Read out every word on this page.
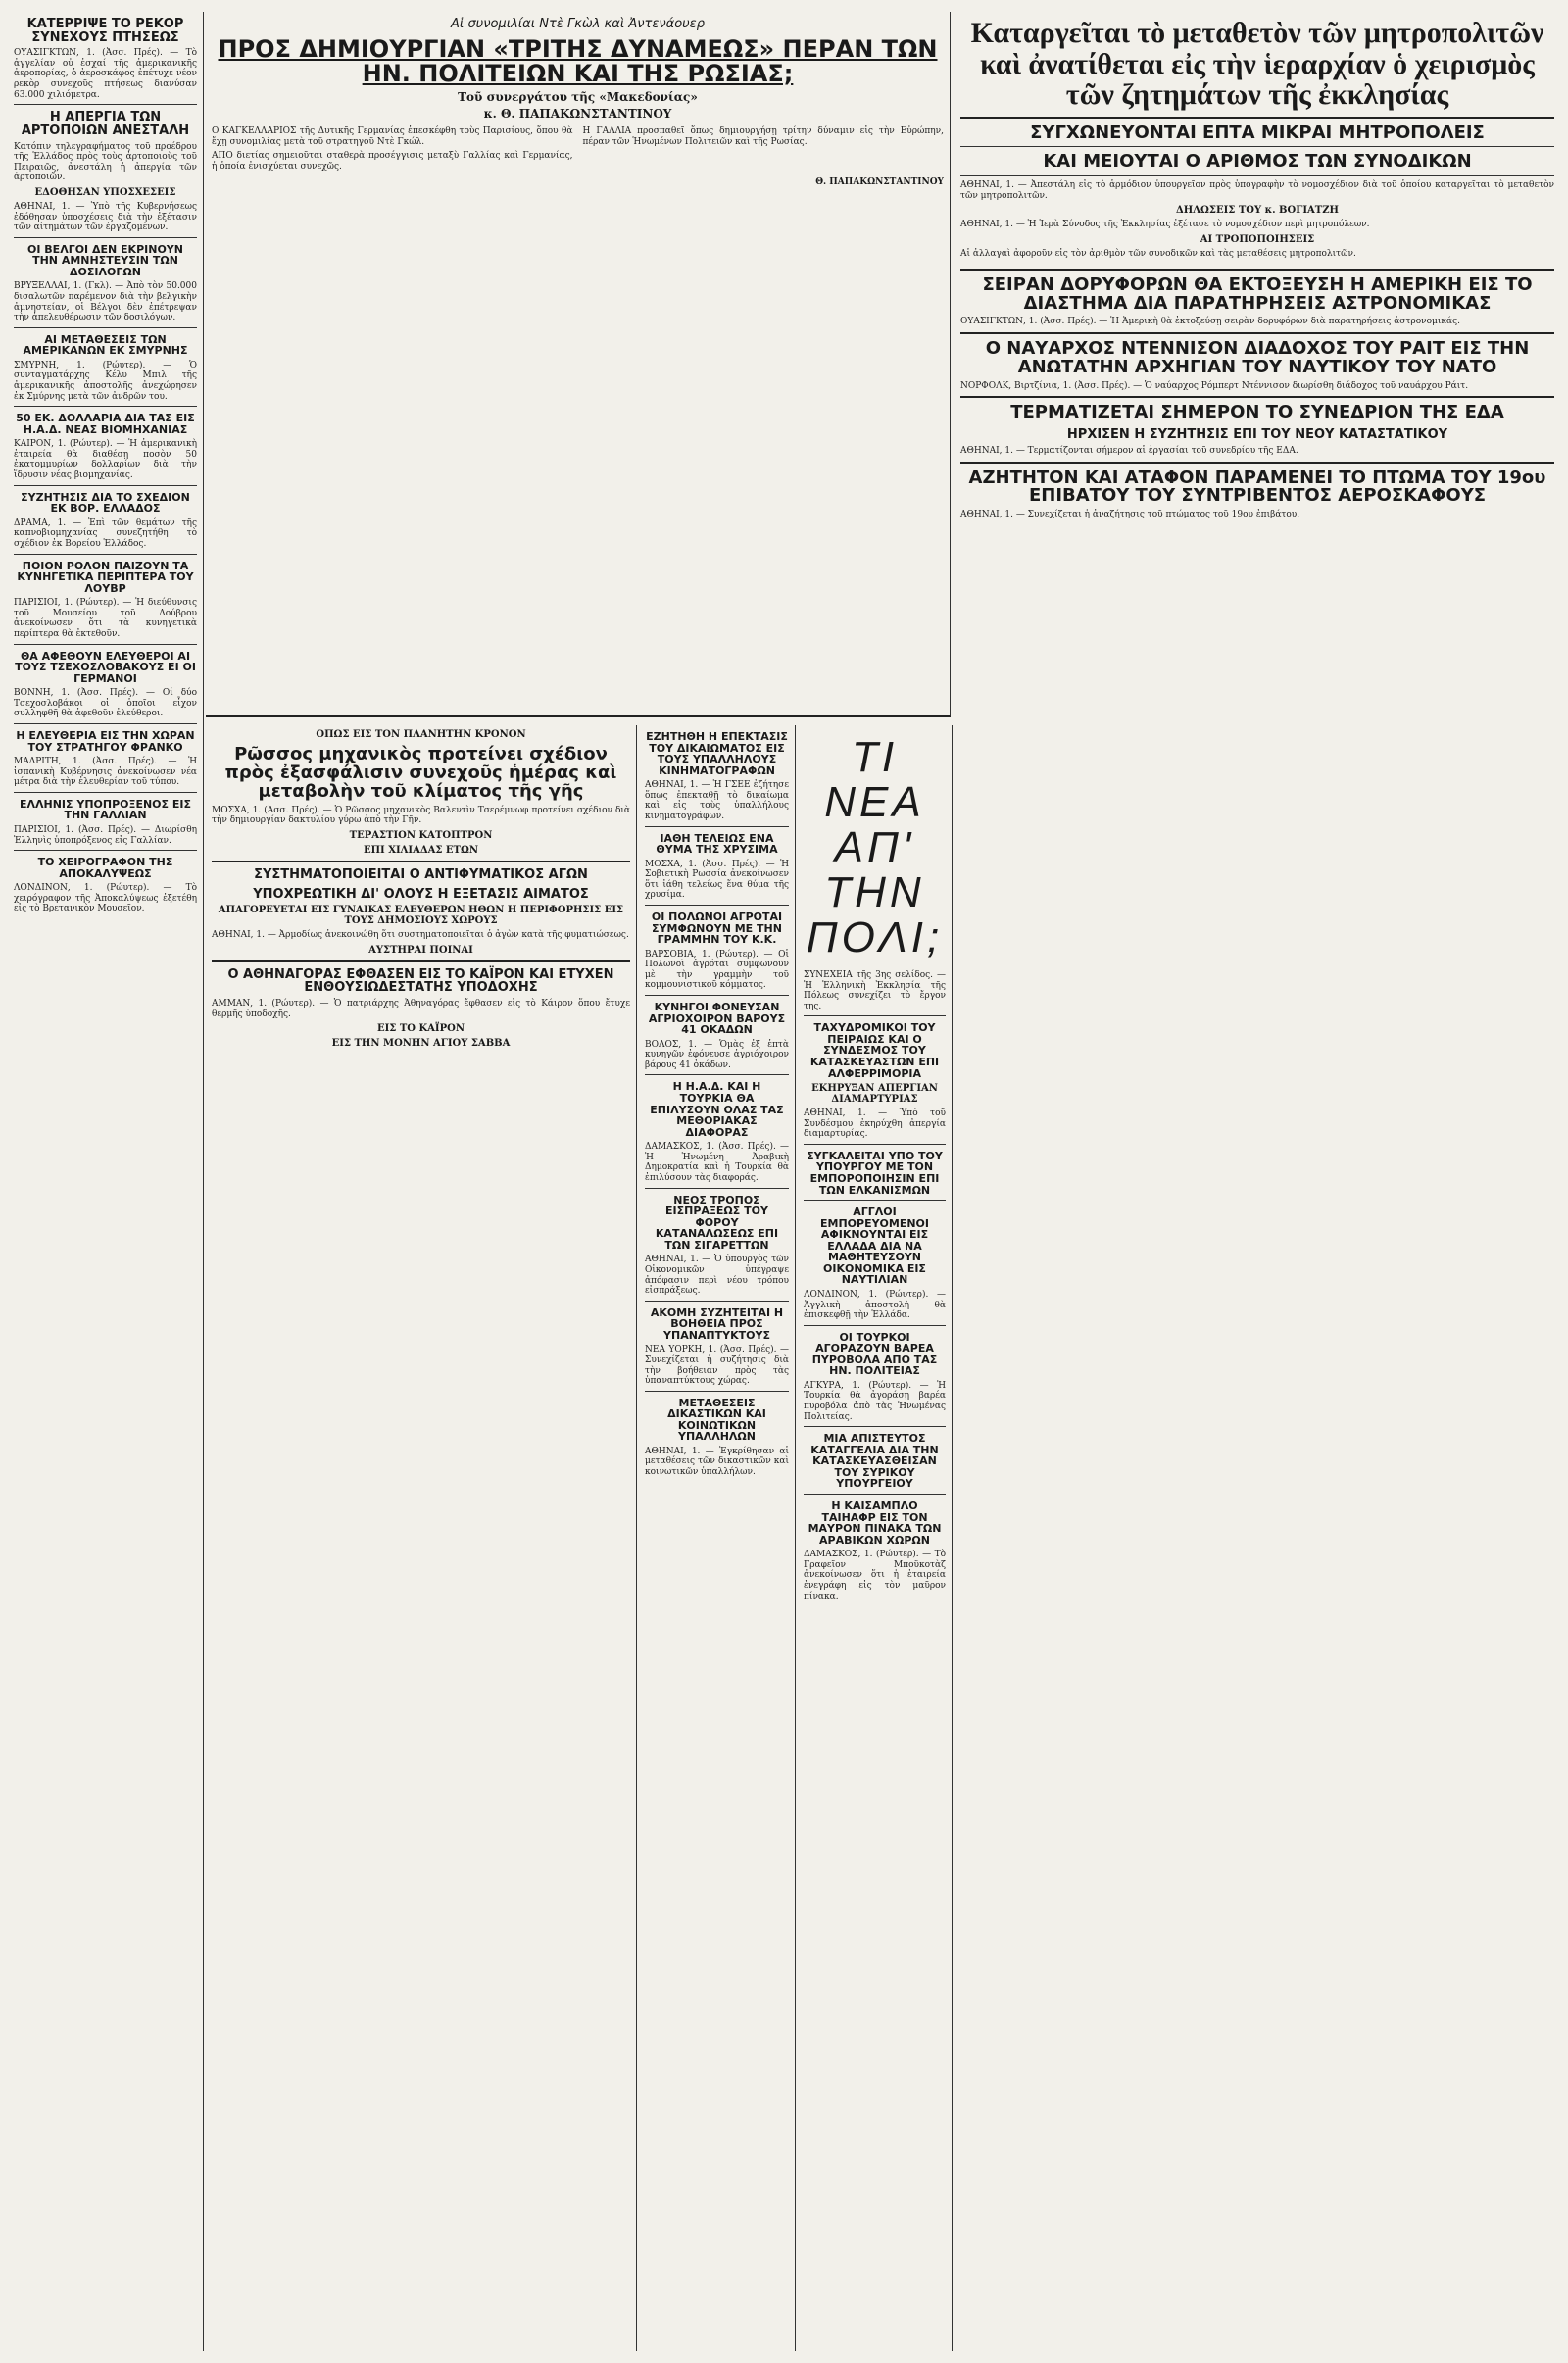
ΚΑΤΕΡΡΙΨΕ ΤΟ ΡΕΚΟΡ ΣΥΝΕΧΟΥΣ ΠΤΗΣΕΩΣ

ΟΥΑΣΙΓΚΤΩΝ, 1. (Ἀσσ. Πρές). — Τὸ ἀγγελίαν οὐ ἐσχαί τῆς ἀμερικανικῆς ἀεροπορίας, ὁ ἀεροσκάφος ἐπέτυχε νέον ρεκὸρ συνεχοῦς πτήσεως διανύσαν 63.000 χιλιόμετρα.

Η ΑΠΕΡΓΙΑ ΤΩΝ ΑΡΤΟΠΟΙΩΝ ΑΝΕΣΤΑΛΗ

Κατόπιν τηλεγραφήματος τοῦ προέδρου τῆς Ἑλλάδος πρὸς τοὺς ἀρτοποιοὺς τοῦ Πειραιῶς, ἀνεστάλη ἡ ἀπεργία τῶν ἀρτοποιῶν.

ΕΔΟΘΗΣΑΝ ΥΠΟΣΧΕΣΕΙΣ

ΑΘΗΝΑΙ, 1. — Ὑπὸ τῆς Κυβερνήσεως ἐδόθησαν ὑποσχέσεις διὰ τὴν ἐξέτασιν τῶν αἰτημάτων τῶν ἐργαζομένων.

ΟΙ ΒΕΛΓΟΙ ΔΕΝ ΕΚΡΙΝΟΥΝ ΤΗΝ ΑΜΝΗΣΤΕΥΣΙΝ ΤΩΝ ΔΟΣΙΛΟΓΩΝ

ΒΡΥΞΕΛΛΑΙ, 1. (Γκλ). — Ἀπὸ τὸν 50.000 δισαλωτῶν παρέμενον διὰ τὴν βελγικὴν ἀμνηστείαν, οἱ Βέλγοι δὲν ἐπέτρεψαν τὴν ἀπελευθέρωσιν τῶν δοσιλόγων.

ΑΙ ΜΕΤΑΘΕΣΕΙΣ ΤΩΝ ΑΜΕΡΙΚΑΝΩΝ ΕΚ ΣΜΥΡΝΗΣ

ΣΜΥΡΝΗ, 1. (Ρώυτερ). — Ὁ συνταγματάρχης Κέλυ Μπιλ τῆς ἀμερικανικῆς ἀποστολῆς ἀνεχώρησεν ἐκ Σμύρνης μετὰ τῶν ἀνδρῶν του.

50 ΕΚ. ΔΟΛΛΑΡΙΑ ΔΙΑ ΤΑΣ ΕΙΣ Η.Α.Δ. ΝΕΑΣ ΒΙΟΜΗΧΑΝΙΑΣ

ΚΑΙΡΟΝ, 1. (Ρώυτερ). — Ἡ ἀμερικανικὴ ἑταιρεία θὰ διαθέσῃ ποσὸν 50 ἑκατομμυρίων δολλαρίων διὰ τὴν ἵδρυσιν νέας βιομηχανίας.

ΣΥΖΗΤΗΣΙΣ ΔΙΑ ΤΟ ΣΧΕΔΙΟΝ ΕΚ ΒΟΡ. ΕΛΛΑΔΟΣ

ΔΡΑΜΑ, 1. — Ἐπὶ τῶν θεμάτων τῆς καπνοβιομηχανίας συνεζητήθη τὸ σχέδιον ἐκ Βορείου Ἑλλάδος.

ΠΟΙΟΝ ΡΟΛΟΝ ΠΑΙΖΟΥΝ ΤΑ ΚΥΝΗΓΕΤΙΚΑ ΠΕΡΙΠΤΕΡΑ ΤΟΥ ΛΟΥΒΡ

ΠΑΡΙΣΙΟΙ, 1. (Ρώυτερ). — Ἡ διεύθυνσις τοῦ Μουσείου τοῦ Λούβρου ἀνεκοίνωσεν ὅτι τὰ κυνηγετικὰ περίπτερα θὰ ἐκτεθοῦν.

ΘΑ ΑΦΕΘΟΥΝ ΕΛΕΥΘΕΡΟΙ ΑΙ ΤΟΥΣ ΤΣΕΧΟΣΛΟΒΑΚΟΥΣ ΕΙ ΟΙ ΓΕΡΜΑΝΟΙ

ΒΟΝΝΗ, 1. (Ἀσσ. Πρές). — Οἱ δύο Τσεχοσλοβάκοι οἱ ὁποῖοι εἶχον συλληφθῆ θὰ ἀφεθοῦν ἐλεύθεροι.

Η ΕΛΕΥΘΕΡΙΑ ΕΙΣ ΤΗΝ ΧΩΡΑΝ ΤΟΥ ΣΤΡΑΤΗΓΟΥ ΦΡΑΝΚΟ

ΜΑΔΡΙΤΗ, 1. (Ἀσσ. Πρές). — Ἡ ἰσπανικὴ Κυβέρνησις ἀνεκοίνωσεν νέα μέτρα διὰ τὴν ἐλευθερίαν τοῦ τύπου.

ΕΛΛΗΝΙΣ ΥΠΟΠΡΟΞΕΝΟΣ ΕΙΣ ΤΗΝ ΓΑΛΛΙΑΝ

ΠΑΡΙΣΙΟΙ, 1. (Ἀσσ. Πρές). — Διωρίσθη Ἑλληνὶς ὑποπρόξενος εἰς Γαλλίαν.

ΤΟ ΧΕΙΡΟΓΡΑΦΟΝ ΤΗΣ ΑΠΟΚΑΛΥΨΕΩΣ

ΛΟΝΔΙΝΟΝ, 1. (Ρώυτερ). — Τὸ χειρόγραφον τῆς Ἀποκαλύψεως ἐξετέθη εἰς τὸ Βρετανικὸν Μουσεῖον.

Αἱ συνομιλίαι Ντὲ Γκὼλ καὶ Ἀντενάουερ
ΠΡΟΣ ΔΗΜΙΟΥΡΓΙΑΝ «ΤΡΙΤΗΣ ΔΥΝΑΜΕΩΣ» ΠΕΡΑΝ ΤΩΝ ΗΝ. ΠΟΛΙΤΕΙΩΝ ΚΑΙ ΤΗΣ ΡΩΣΙΑΣ;
Τοῦ συνεργάτου τῆς «Μακεδονίας»
κ. Θ. ΠΑΠΑΚΩΝΣΤΑΝΤΙΝΟΥ

Ο ΚΑΓΚΕΛΛΑΡΙΟΣ τῆς Δυτικῆς Γερμανίας ἐπεσκέφθη τοὺς Παρισίους, ὅπου θὰ ἔχῃ συνομιλίας μετὰ τοῦ στρατηγοῦ Ντὲ Γκώλ.

ΑΠΟ διετίας σημειοῦται σταθερὰ προσέγγισις μεταξὺ Γαλλίας καὶ Γερμανίας, ἡ ὁποία ἐνισχύεται συνεχῶς.

Η ΓΑΛΛΙΑ προσπαθεῖ ὅπως δημιουργήσῃ τρίτην δύναμιν εἰς τὴν Εὐρώπην, πέραν τῶν Ἡνωμένων Πολιτειῶν καὶ τῆς Ρωσίας.

Θ. ΠΑΠΑΚΩΝΣΤΑΝΤΙΝΟΥ
ΟΠΩΣ ΕΙΣ ΤΟΝ ΠΛΑΝΗΤΗΝ ΚΡΟΝΟΝ
Ρῶσσος μηχανικὸς προτείνει σχέδιον πρὸς ἐξασφάλισιν συνεχοῦς ἡμέρας καὶ μεταβολὴν τοῦ κλίματος τῆς γῆς

ΜΟΣΧΑ, 1. (Ἀσσ. Πρές). — Ὁ Ρῶσσος μηχανικὸς Βαλεντὶν Τσερέμνωφ προτείνει σχέδιον διὰ τὴν δημιουργίαν δακτυλίου γύρω ἀπὸ τὴν Γῆν.

ΤΕΡΑΣΤΙΟΝ ΚΑΤΟΠΤΡΟΝ
ΕΠΙ ΧΙΛΙΑΔΑΣ ΕΤΩΝ
ΣΥΣΤΗΜΑΤΟΠΟΙΕΙΤΑΙ Ο ΑΝΤΙΦΥΜΑΤΙΚΟΣ ΑΓΩΝ
ΥΠΟΧΡΕΩΤΙΚΗ ΔΙ' ΟΛΟΥΣ Η ΕΞΕΤΑΣΙΣ ΑΙΜΑΤΟΣ
ΑΠΑΓΟΡΕΥΕΤΑΙ ΕΙΣ ΓΥΝΑΙΚΑΣ ΕΛΕΥΘΕΡΩΝ ΗΘΩΝ Η ΠΕΡΙΦΟΡΗΣΙΣ ΕΙΣ ΤΟΥΣ ΔΗΜΟΣΙΟΥΣ ΧΩΡΟΥΣ

ΑΘΗΝΑΙ, 1. — Ἀρμοδίως ἀνεκοινώθη ὅτι συστηματοποιεῖται ὁ ἀγὼν κατὰ τῆς φυματιώσεως.

ΑΥΣΤΗΡΑΙ ΠΟΙΝΑΙ
Ο ΑΘΗΝΑΓΟΡΑΣ ΕΦΘΑΣΕΝ ΕΙΣ ΤΟ ΚΑΪΡΟΝ ΚΑΙ ΕΤΥΧΕΝ ΕΝΘΟΥΣΙΩΔΕΣΤΑΤΗΣ ΥΠΟΔΟΧΗΣ

ΑΜΜΑΝ, 1. (Ρώυτερ). — Ὁ πατριάρχης Ἀθηναγόρας ἔφθασεν εἰς τὸ Κάιρον ὅπου ἔτυχε θερμῆς ὑποδοχῆς.

ΕΙΣ ΤΟ ΚΑΪΡΟΝ
ΕΙΣ ΤΗΝ ΜΟΝΗΝ ΑΓΙΟΥ ΣΑΒΒΑ
ΕΖΗΤΗΘΗ Η ΕΠΕΚΤΑΣΙΣ ΤΟΥ ΔΙΚΑΙΩΜΑΤΟΣ ΕΙΣ ΤΟΥΣ ΥΠΑΛΛΗΛΟΥΣ ΚΙΝΗΜΑΤΟΓΡΑΦΩΝ

ΑΘΗΝΑΙ, 1. — Ἡ ΓΣΕΕ ἐζήτησε ὅπως ἐπεκταθῇ τὸ δικαίωμα καὶ εἰς τοὺς ὑπαλλήλους κινηματογράφων.

ΙΑΘΗ ΤΕΛΕΙΩΣ ΕΝΑ ΘΥΜΑ ΤΗΣ ΧΡΥΣΙΜΑ

ΜΟΣΧΑ, 1. (Ἀσσ. Πρές). — Ἡ Σοβιετικὴ Ρωσσία ἀνεκοίνωσεν ὅτι ἰάθη τελείως ἕνα θύμα τῆς χρυσίμα.

ΟΙ ΠΟΛΩΝΟΙ ΑΓΡΟΤΑΙ ΣΥΜΦΩΝΟΥΝ ΜΕ ΤΗΝ ΓΡΑΜΜΗΝ ΤΟΥ Κ.Κ.

ΒΑΡΣΟΒΙΑ, 1. (Ρώυτερ). — Οἱ Πολωνοὶ ἀγρόται συμφωνοῦν μὲ τὴν γραμμὴν τοῦ κομμουνιστικοῦ κόμματος.

ΚΥΝΗΓΟΙ ΦΟΝΕΥΣΑΝ ΑΓΡΙΟΧΟΙΡΟΝ ΒΑΡΟΥΣ 41 ΟΚΑΔΩΝ

ΒΟΛΟΣ, 1. — Ὁμὰς ἐξ ἑπτὰ κυνηγῶν ἐφόνευσε ἀγριόχοιρον βάρους 41 ὀκάδων.

Η Η.Α.Δ. ΚΑΙ Η ΤΟΥΡΚΙΑ ΘΑ ΕΠΙΛΥΣΟΥΝ ΟΛΑΣ ΤΑΣ ΜΕΘΟΡΙΑΚΑΣ ΔΙΑΦΟΡΑΣ

ΔΑΜΑΣΚΟΣ, 1. (Ἀσσ. Πρές). — Ἡ Ἡνωμένη Ἀραβικὴ Δημοκρατία καὶ ἡ Τουρκία θὰ ἐπιλύσουν τὰς διαφοράς.

ΝΕΟΣ ΤΡΟΠΟΣ ΕΙΣΠΡΑΞΕΩΣ ΤΟΥ ΦΟΡΟΥ ΚΑΤΑΝΑΛΩΣΕΩΣ ΕΠΙ ΤΩΝ ΣΙΓΑΡΕΤΤΩΝ

ΑΘΗΝΑΙ, 1. — Ὁ ὑπουργὸς τῶν Οἰκονομικῶν ὑπέγραψε ἀπόφασιν περὶ νέου τρόπου εἰσπράξεως.

ΑΚΟΜΗ ΣΥΖΗΤΕΙΤΑΙ Η ΒΟΗΘΕΙΑ ΠΡΟΣ ΥΠΑΝΑΠΤΥΚΤΟΥΣ

ΝΕΑ ΥΟΡΚΗ, 1. (Ἀσσ. Πρές). — Συνεχίζεται ἡ συζήτησις διὰ τὴν βοήθειαν πρὸς τὰς ὑπαναπτύκτους χώρας.

ΜΕΤΑΘΕΣΕΙΣ ΔΙΚΑΣΤΙΚΩΝ ΚΑΙ ΚΟΙΝΩΤΙΚΩΝ ΥΠΑΛΛΗΛΩΝ

ΑΘΗΝΑΙ, 1. — Ἐγκρίθησαν αἱ μεταθέσεις τῶν δικαστικῶν καὶ κοινωτικῶν ὑπαλλήλων.

ΤΙ ΝΕΑ ΑΠ' ΤΗΝ ΠΟΛΙ;

ΣΥΝΕΧΕΙΑ τῆς 3ης σελίδος. — Ἡ Ἑλληνικὴ Ἐκκλησία τῆς Πόλεως συνεχίζει τὸ ἔργον της.

ΤΑΧΥΔΡΟΜΙΚΟΙ ΤΟΥ ΠΕΙΡΑΙΩΣ ΚΑΙ Ο ΣΥΝΔΕΣΜΟΣ ΤΟΥ ΚΑΤΑΣΚΕΥΑΣΤΩΝ ΕΠΙ ΑΛΦΕΡΡΙΜΟΡΙΑ
ΕΚΗΡΥΞΑΝ ΑΠΕΡΓΙΑΝ ΔΙΑΜΑΡΤΥΡΙΑΣ

ΑΘΗΝΑΙ, 1. — Ὑπὸ τοῦ Συνδέσμου ἐκηρύχθη ἀπεργία διαμαρτυρίας.

ΣΥΓΚΑΛΕΙΤΑΙ ΥΠΟ ΤΟΥ ΥΠΟΥΡΓΟΥ ΜΕ ΤΟΝ ΕΜΠΟΡΟΠΟΙΗΣΙΝ ΕΠΙ ΤΩΝ ΕΛΚΑΝΙΣΜΩΝ
ΑΓΓΛΟΙ ΕΜΠΟΡΕΥΟΜΕΝΟΙ ΑΦΙΚΝΟΥΝΤΑΙ ΕΙΣ ΕΛΛΑΔΑ ΔΙΑ ΝΑ ΜΑΘΗΤΕΥΣΟΥΝ ΟΙΚΟΝΟΜΙΚΑ ΕΙΣ ΝΑΥΤΙΛΙΑΝ

ΛΟΝΔΙΝΟΝ, 1. (Ρώυτερ). — Ἀγγλικὴ ἀποστολὴ θὰ ἐπισκεφθῇ τὴν Ἑλλάδα.

ΟΙ ΤΟΥΡΚΟΙ ΑΓΟΡΑΖΟΥΝ ΒΑΡΕΑ ΠΥΡΟΒΟΛΑ ΑΠΟ ΤΑΣ ΗΝ. ΠΟΛΙΤΕΙΑΣ

ΑΓΚΥΡΑ, 1. (Ρώυτερ). — Ἡ Τουρκία θὰ ἀγοράσῃ βαρέα πυροβόλα ἀπὸ τὰς Ἡνωμένας Πολιτείας.

ΜΙΑ ΑΠΙΣΤΕΥΤΟΣ ΚΑΤΑΓΓΕΛΙΑ ΔΙΑ ΤΗΝ ΚΑΤΑΣΚΕΥΑΣΘΕΙΣΑΝ ΤΟΥ ΣΥΡΙΚΟΥ ΥΠΟΥΡΓΕΙΟΥ
Η ΚΑΙΣΑΜΠΛΟ ΤΑΙΗΑΦΡ ΕΙΣ ΤΟΝ ΜΑΥΡΟΝ ΠΙΝΑΚΑ ΤΩΝ ΑΡΑΒΙΚΩΝ ΧΩΡΩΝ

ΔΑΜΑΣΚΟΣ, 1. (Ρώυτερ). — Τὸ Γραφεῖον Μποϋκοτὰζ ἀνεκοίνωσεν ὅτι ἡ ἑταιρεία ἐνεγράφη εἰς τὸν μαῦρον πίνακα.

Καταργεῖται τὸ μεταθετὸν τῶν μητροπολιτῶν καὶ ἀνατίθεται εἰς τὴν ἱεραρχίαν ὁ χειρισμὸς τῶν ζητημάτων τῆς ἐκκλησίας
ΣΥΓΧΩΝΕΥΟΝΤΑΙ ΕΠΤΑ ΜΙΚΡΑΙ ΜΗΤΡΟΠΟΛΕΙΣ
ΚΑΙ ΜΕΙΟΥΤΑΙ Ο ΑΡΙΘΜΟΣ ΤΩΝ ΣΥΝΟΔΙΚΩΝ

ΑΘΗΝΑΙ, 1. — Ἀπεστάλη εἰς τὸ ἁρμόδιον ὑπουργεῖον πρὸς ὑπογραφὴν τὸ νομοσχέδιον διὰ τοῦ ὁποίου καταργεῖται τὸ μεταθετὸν τῶν μητροπολιτῶν.

ΔΗΛΩΣΕΙΣ ΤΟΥ κ. ΒΟΓΙΑΤΖΗ

ΑΘΗΝΑΙ, 1. — Ἡ Ἱερὰ Σύνοδος τῆς Ἐκκλησίας ἐξέτασε τὸ νομοσχέδιον περὶ μητροπόλεων.

ΑΙ ΤΡΟΠΟΠΟΙΗΣΕΙΣ

Αἱ ἀλλαγαὶ ἀφοροῦν εἰς τὸν ἀριθμὸν τῶν συνοδικῶν καὶ τὰς μεταθέσεις μητροπολιτῶν.

ΣΕΙΡΑΝ ΔΟΡΥΦΟΡΩΝ ΘΑ ΕΚΤΟΞΕΥΣΗ Η ΑΜΕΡΙΚΗ ΕΙΣ ΤΟ ΔΙΑΣΤΗΜΑ ΔΙΑ ΠΑΡΑΤΗΡΗΣΕΙΣ ΑΣΤΡΟΝΟΜΙΚΑΣ

ΟΥΑΣΙΓΚΤΩΝ, 1. (Ἀσσ. Πρές). — Ἡ Ἀμερικὴ θὰ ἐκτοξεύσῃ σειρὰν δορυφόρων διὰ παρατηρήσεις ἀστρονομικάς.

Ο ΝΑΥΑΡΧΟΣ ΝΤΕΝΝΙΣΟΝ ΔΙΑΔΟΧΟΣ ΤΟΥ ΡΑΙΤ ΕΙΣ ΤΗΝ ΑΝΩΤΑΤΗΝ ΑΡΧΗΓΙΑΝ ΤΟΥ ΝΑΥΤΙΚΟΥ ΤΟΥ ΝΑΤΟ

ΝΟΡΦΟΛΚ, Βιρτζίνια, 1. (Ἀσσ. Πρές). — Ὁ ναύαρχος Ρόμπερτ Ντέννισον διωρίσθη διάδοχος τοῦ ναυάρχου Ράιτ.

ΤΕΡΜΑΤΙΖΕΤΑΙ ΣΗΜΕΡΟΝ ΤΟ ΣΥΝΕΔΡΙΟΝ ΤΗΣ ΕΔΑ
ΗΡΧΙΣΕΝ Η ΣΥΖΗΤΗΣΙΣ ΕΠΙ ΤΟΥ ΝΕΟΥ ΚΑΤΑΣΤΑΤΙΚΟΥ

ΑΘΗΝΑΙ, 1. — Τερματίζονται σήμερον αἱ ἐργασίαι τοῦ συνεδρίου τῆς ΕΔΑ.

ΑΖΗΤΗΤΟΝ ΚΑΙ ΑΤΑΦΟΝ ΠΑΡΑΜΕΝΕΙ ΤΟ ΠΤΩΜΑ ΤΟΥ 19ου ΕΠΙΒΑΤΟΥ ΤΟΥ ΣΥΝΤΡΙΒΕΝΤΟΣ ΑΕΡΟΣΚΑΦΟΥΣ

ΑΘΗΝΑΙ, 1. — Συνεχίζεται ἡ ἀναζήτησις τοῦ πτώματος τοῦ 19ου ἐπιβάτου.
